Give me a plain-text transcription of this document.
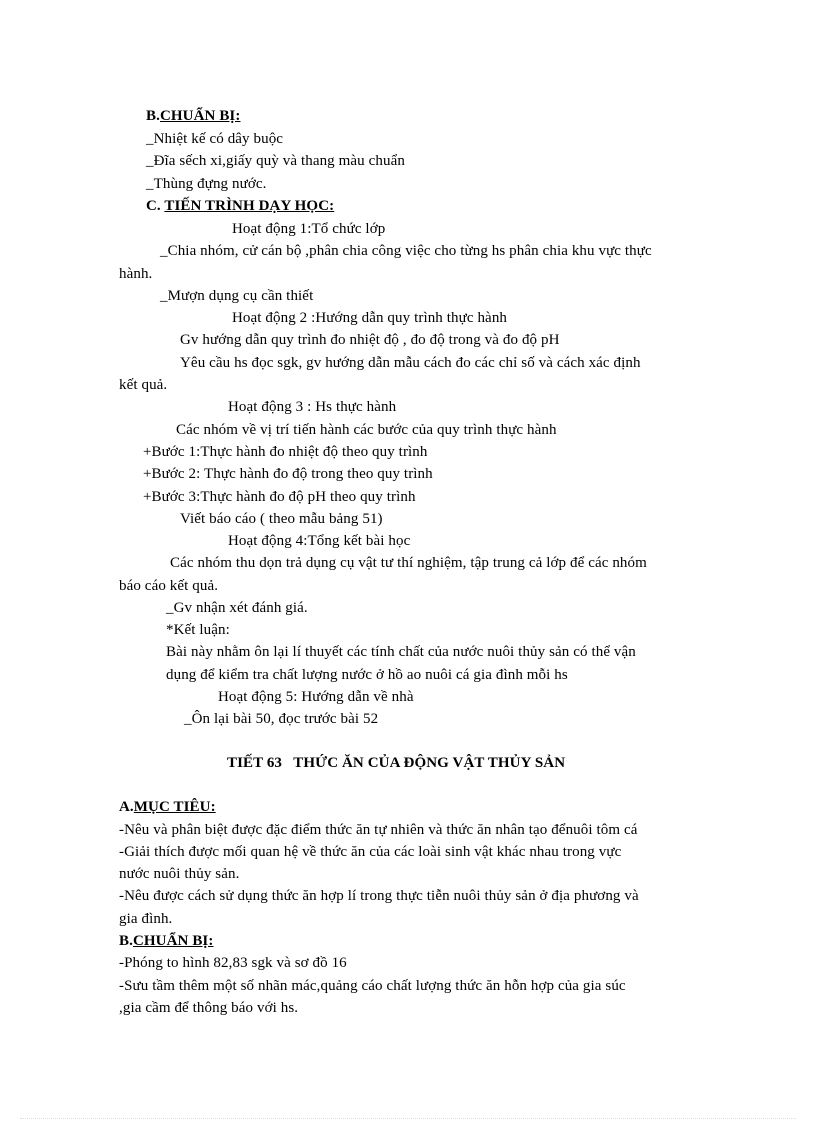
B.CHUẨN BỊ:
_Nhiệt kế có dây buộc
_Đĩa sếch xi,giấy quỳ và thang màu chuẩn
_Thùng đựng nước.
C. TIẾN TRÌNH DẠY HỌC:
Hoạt động 1:Tổ chức lớp
_Chia nhóm, cử cán bộ ,phân chia công việc cho từng hs phân chia khu vực thực
hành.
_Mượn dụng cụ cần thiết
Hoạt động 2 :Hướng dẫn quy trình thực hành
Gv hướng dẫn quy trình đo nhiệt độ , đo độ trong và đo độ pH
Yêu cầu hs đọc sgk, gv hướng dẫn mẫu cách đo các chỉ số và cách xác định
kết quả.
Hoạt động 3 : Hs thực hành
Các nhóm về vị trí tiến hành các bước của quy trình thực hành
+Bước 1:Thực hành đo nhiệt độ theo quy trình
+Bước 2: Thực hành đo độ trong theo quy trình
+Bước 3:Thực hành đo độ pH theo quy trình
Viết báo cáo ( theo mẫu bảng 51)
Hoạt động 4:Tổng kết bài học
Các nhóm thu dọn trả dụng cụ vật tư thí nghiệm, tập trung cả lớp để các nhóm
báo cáo kết quả.
_Gv nhận xét đánh giá.
*Kết luận:
Bài này nhằm ôn lại lí thuyết các tính chất của nước nuôi thủy sản có thể vận
dụng để kiểm tra chất lượng nước ở hồ ao nuôi cá gia đình mỗi hs
Hoạt động 5: Hướng dẫn về nhà
_Ôn lại bài 50, đọc trước bài 52
TIẾT 63   THỨC ĂN CỦA ĐỘNG VẬT THỦY SẢN
A.MỤC TIÊU:
-Nêu và phân biệt được đặc điểm thức ăn tự nhiên và thức ăn nhân tạo đểnuôi tôm cá
-Giải thích được mối quan hệ về thức ăn của các loài sinh vật khác nhau trong vực
nước nuôi thủy sản.
-Nêu được cách sử dụng thức ăn hợp lí trong thực tiễn nuôi thủy sản ở địa phương và
gia đình.
B.CHUẨN BỊ:
-Phóng to hình 82,83 sgk và sơ đồ 16
-Sưu tầm thêm một số nhãn mác,quảng cáo chất lượng thức ăn hỗn hợp của gia súc
,gia cầm để thông báo với hs.
